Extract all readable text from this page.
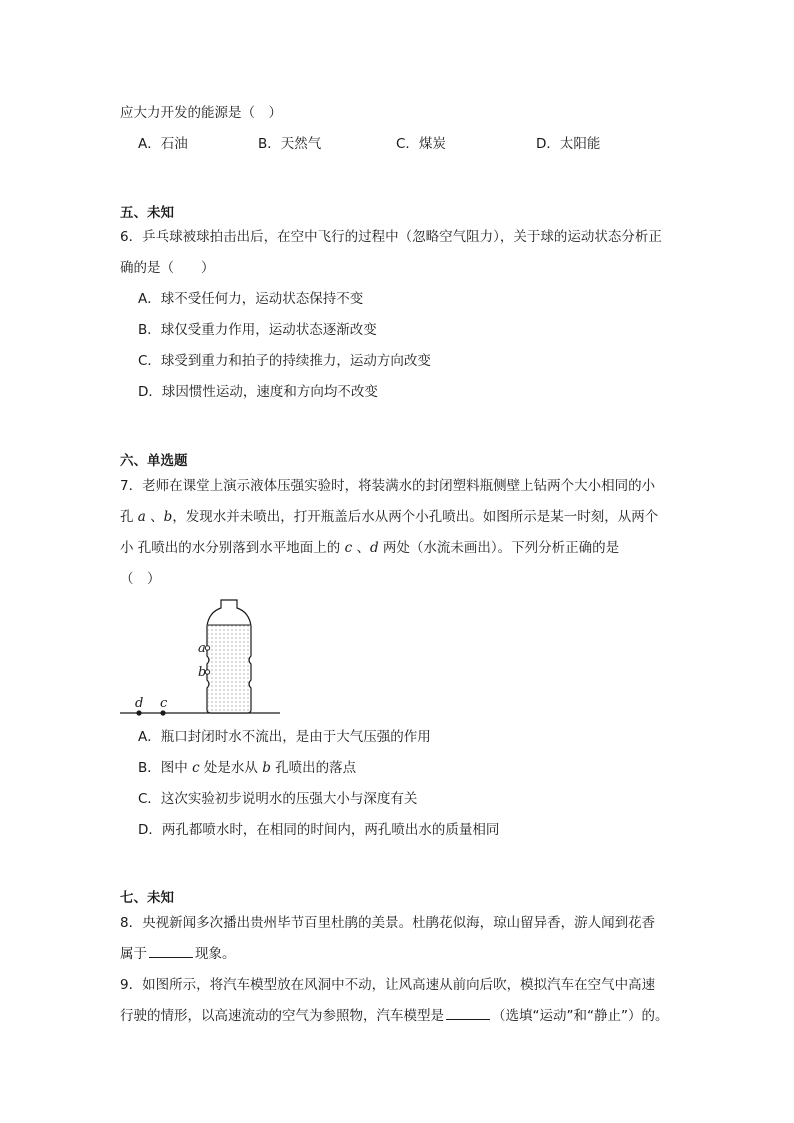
应大力开发的能源是（　）
A．石油	B．天然气	C．煤炭	D．太阳能
五、未知
6．乒乓球被球拍击出后，在空中飞行的过程中（忽略空气阻力），关于球的运动状态分析正
确的是（　　）
A．球不受任何力，运动状态保持不变
B．球仅受重力作用，运动状态逐渐改变
C．球受到重力和拍子的持续推力，运动方向改变
D．球因惯性运动，速度和方向均不改变
六、单选题
7．老师在课堂上演示液体压强实验时，将装满水的封闭塑料瓶侧壁上钻两个大小相同的小
孔 a 、b，发现水并未喷出，打开瓶盖后水从两个小孔喷出。如图所示是某一时刻，从两个
小 孔喷出的水分别落到水平地面上的 c 、d 两处（水流未画出）。下列分析正确的是
（　）
a
b
d c
A．瓶口封闭时水不流出，是由于大气压强的作用
B．图中 c 处是水从 b 孔喷出的落点
C．这次实验初步说明水的压强大小与深度有关
D．两孔都喷水时，在相同的时间内，两孔喷出水的质量相同
七、未知
8．央视新闻多次播出贵州毕节百里杜鹃的美景。杜鹃花似海，琼山留异香，游人闻到花香
属于	现象。
9．如图所示，将汽车模型放在风洞中不动，让风高速从前向后吹，模拟汽车在空气中高速
行驶的情形，以高速流动的空气为参照物，汽车模型是	（选填“运动”和“静止”）的。
